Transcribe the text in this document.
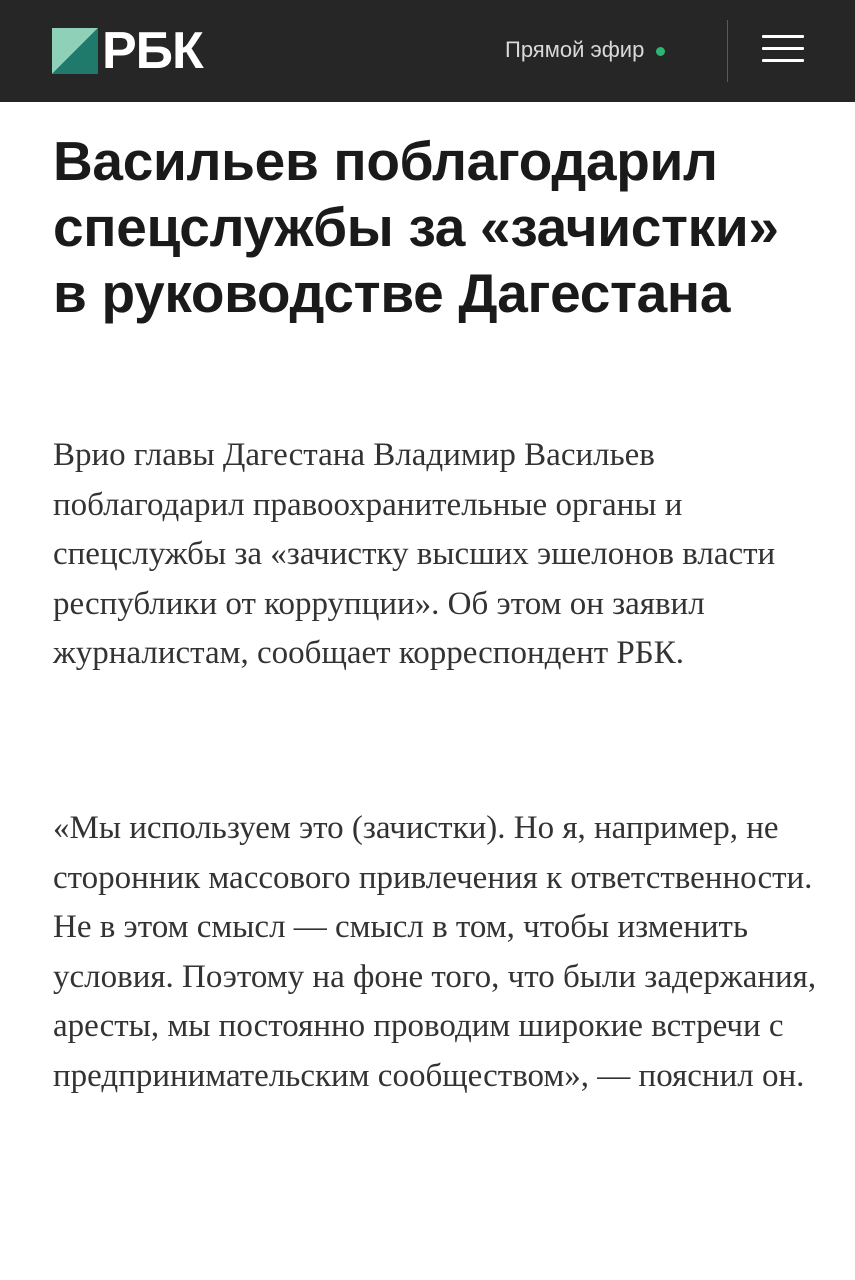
РБК	Прямой эфир
Васильев поблагодарил спецслужбы за «зачистки» в руководстве Дагестана

Врио главы Дагестана Владимир Васильев поблагодарил правоохранительные органы и спецслужбы за «зачистку высших эшелонов власти республики от коррупции». Об этом он заявил журналистам, сообщает корреспондент РБК.

«Мы используем это (зачистки). Но я, например, не сторонник массового привлечения к ответственности. Не в этом смысл — смысл в том, чтобы изменить условия. Поэтому на фоне того, что были задержания, аресты, мы постоянно проводим широкие встречи с предпринимательским сообществом», — пояснил он.
